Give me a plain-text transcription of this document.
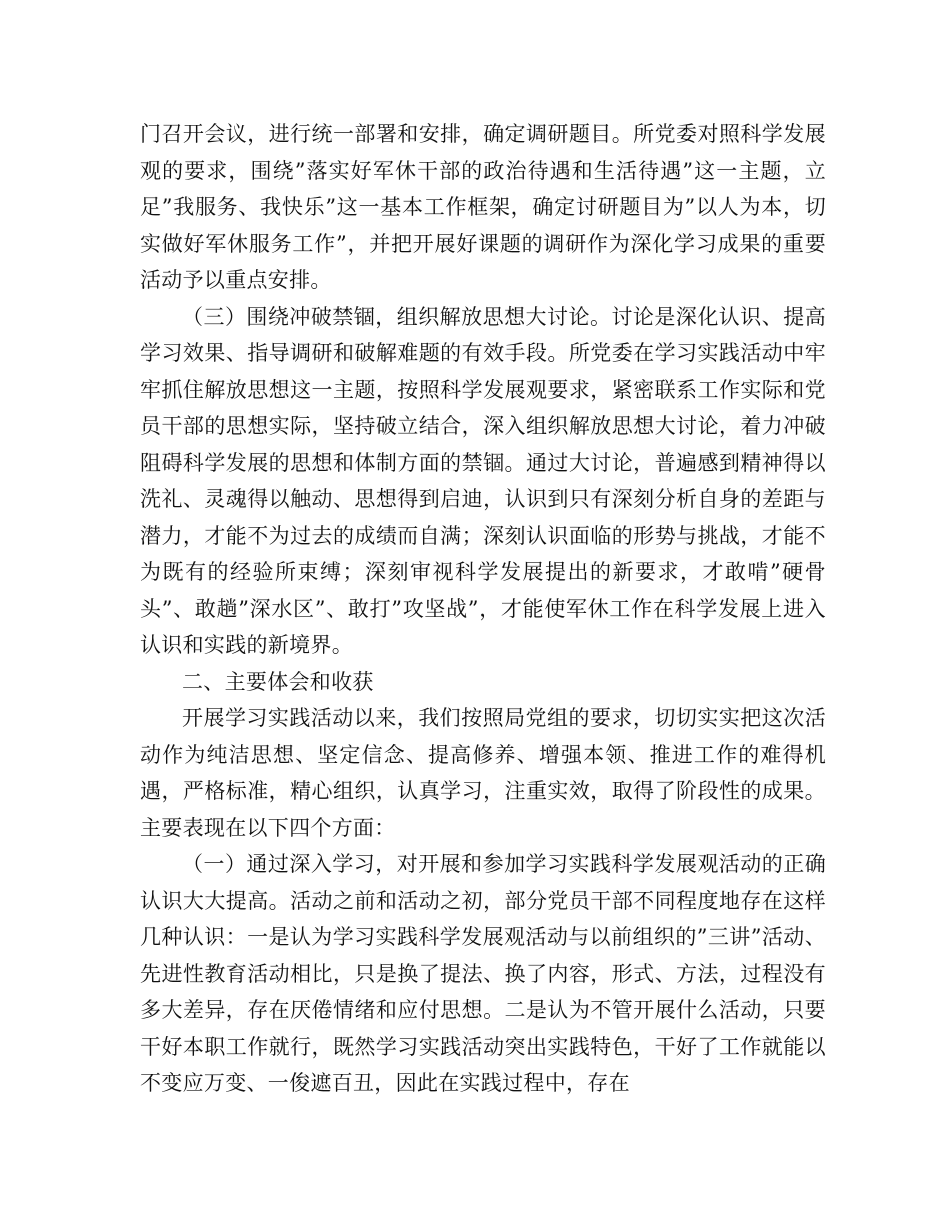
门召开会议，进行统一部署和安排，确定调研题目。所党委对照科学发展观的要求，围绕”落实好军休干部的政治待遇和生活待遇”这一主题，立足”我服务、我快乐”这一基本工作框架，确定讨研题目为”以人为本，切实做好军休服务工作”，并把开展好课题的调研作为深化学习成果的重要活动予以重点安排。

（三）围绕冲破禁锢，组织解放思想大讨论。讨论是深化认识、提高学习效果、指导调研和破解难题的有效手段。所党委在学习实践活动中牢牢抓住解放思想这一主题，按照科学发展观要求，紧密联系工作实际和党员干部的思想实际，坚持破立结合，深入组织解放思想大讨论，着力冲破阻碍科学发展的思想和体制方面的禁锢。通过大讨论，普遍感到精神得以洗礼、灵魂得以触动、思想得到启迪，认识到只有深刻分析自身的差距与潜力，才能不为过去的成绩而自满；深刻认识面临的形势与挑战，才能不为既有的经验所束缚；深刻审视科学发展提出的新要求，才敢啃”硬骨头”、敢趟”深水区”、敢打”攻坚战”，才能使军休工作在科学发展上进入认识和实践的新境界。

二、主要体会和收获

开展学习实践活动以来，我们按照局党组的要求，切切实实把这次活动作为纯洁思想、坚定信念、提高修养、增强本领、推进工作的难得机遇，严格标准，精心组织，认真学习，注重实效，取得了阶段性的成果。主要表现在以下四个方面：

（一）通过深入学习，对开展和参加学习实践科学发展观活动的正确认识大大提高。活动之前和活动之初，部分党员干部不同程度地存在这样几种认识：一是认为学习实践科学发展观活动与以前组织的”三讲”活动、先进性教育活动相比，只是换了提法、换了内容，形式、方法，过程没有多大差异，存在厌倦情绪和应付思想。二是认为不管开展什么活动，只要干好本职工作就行，既然学习实践活动突出实践特色，干好了工作就能以不变应万变、一俊遮百丑，因此在实践过程中，存在
